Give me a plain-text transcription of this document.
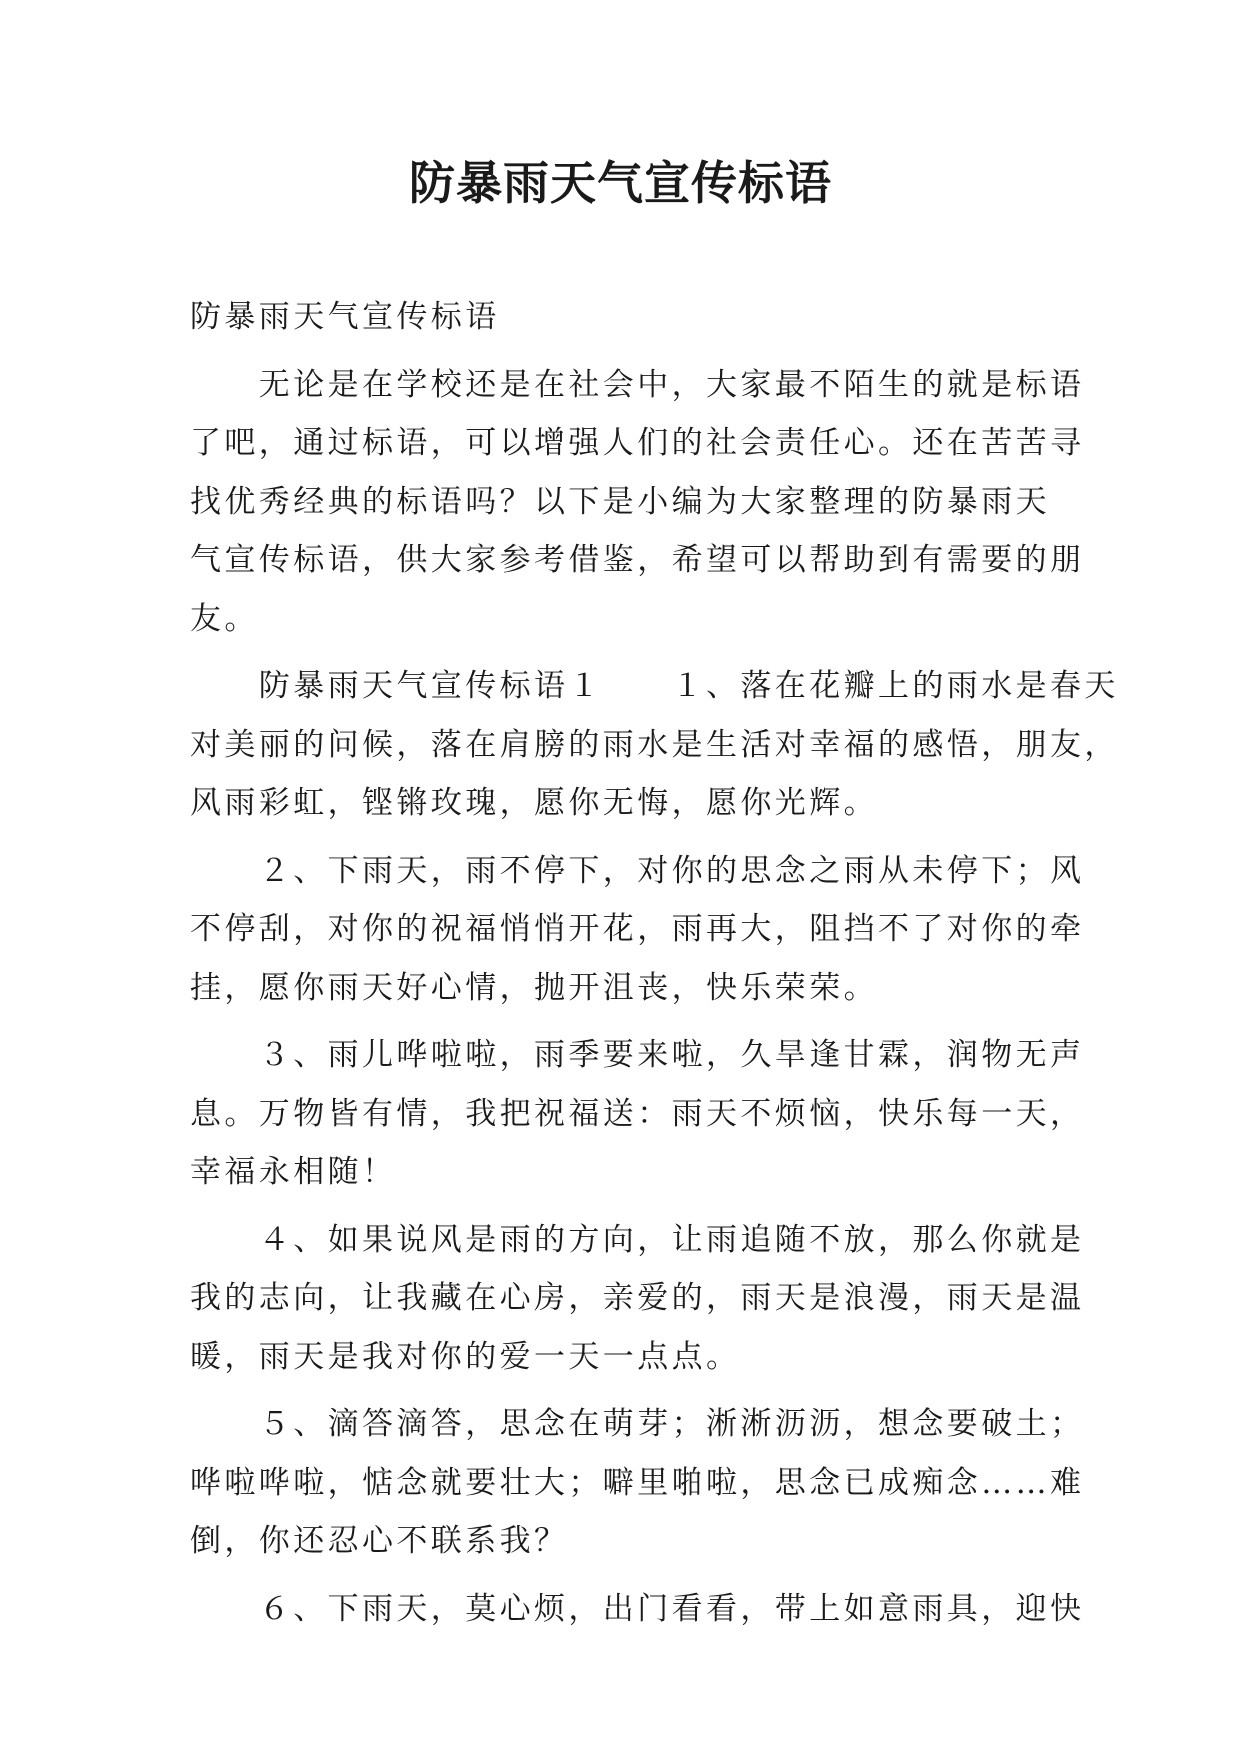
防暴雨天气宣传标语
防暴雨天气宣传标语
　　无论是在学校还是在社会中，大家最不陌生的就是标语
了吧，通过标语，可以增强人们的社会责任心。还在苦苦寻
找优秀经典的标语吗？以下是小编为大家整理的防暴雨天
气宣传标语，供大家参考借鉴，希望可以帮助到有需要的朋
友。
　　防暴雨天气宣传标语１　　１、落在花瓣上的雨水是春天
对美丽的问候，落在肩膀的雨水是生活对幸福的感悟，朋友，
风雨彩虹，铿锵玫瑰，愿你无悔，愿你光辉。
　　２、下雨天，雨不停下，对你的思念之雨从未停下；风
不停刮，对你的祝福悄悄开花，雨再大，阻挡不了对你的牵
挂，愿你雨天好心情，抛开沮丧，快乐荣荣。
　　３、雨儿哗啦啦，雨季要来啦，久旱逢甘霖，润物无声
息。万物皆有情，我把祝福送：雨天不烦恼，快乐每一天，
幸福永相随！
　　４、如果说风是雨的方向，让雨追随不放，那么你就是
我的志向，让我藏在心房，亲爱的，雨天是浪漫，雨天是温
暖，雨天是我对你的爱一天一点点。
　　５、滴答滴答，思念在萌芽；淅淅沥沥，想念要破土；
哗啦哗啦，惦念就要壮大；噼里啪啦，思念已成痴念……难
倒，你还忍心不联系我？
　　６、下雨天，莫心烦，出门看看，带上如意雨具，迎快
